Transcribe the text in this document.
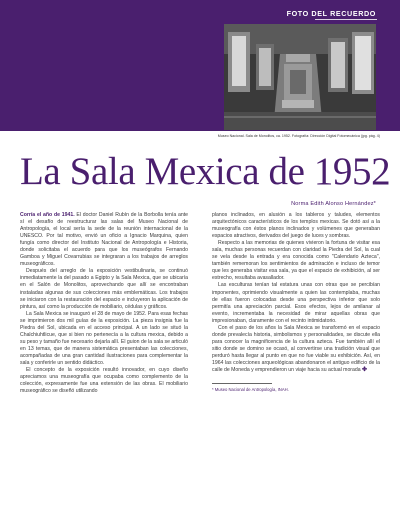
FOTO DEL RECUERDO
Museo Nacional. Sala de Monolitos, ca. 1952. Fotografía: Dirección Digital Fotomecánica (jpg. pág. 4)
La Sala Mexica de 1952
Norma Edith Alonso Hernández*

Corría el año de 1941. El doctor Daniel Rubín de la Borbolla tenía ante sí el desafío de reestructurar las salas del Museo Nacional de Antropología, el local sería la sede de la reunión internacional de la UNESCO. Por tal motivo, envió un oficio a Ignacio Marquina, quien fungía como director del Instituto Nacional de Antropología e Historia, donde solicitaba el acuerdo para que los museógrafos Fernando Gamboa y Miguel Covarrubias se integraran a los trabajos de arreglos museográficos.

Después del arreglo de la exposición vestibulinaria, se continuó inmediatamente la del pasado a Egipto y la Sala Mexica, que se ubicaría en el Salón de Monolitos, aprovechando que allí se encontraban instaladas algunas de sus colecciones más emblemáticas. Los trabajos se iniciaron con la restauración del espacio e incluyeron la aplicación de pintura, así como la producción de mobiliario, cédulas y gráficos.

La Sala Mexica se inauguró el 28 de mayo de 1952. Para esas fechas se imprimieron dos mil guías de la exposición. La pieza insignia fue la Piedra del Sol, ubicada en el acceso principal. A un lado se situó la Chalchiuhtlicue, que si bien no pertenecía a la cultura mexica, debido a su peso y tamaño fue necesario dejarla allí. El guion de la sala se articuló en 13 temas, que de manera sistemática presentaban las colecciones, acompañadas de una gran cantidad ilustraciones para complementar la sala y conferirle un sentido didáctico.

El concepto de la exposición resultó innovador, en cuyo diseño apreciamos una museografía que ocupaba como complemento de la colección, expresamente fue una extensión de las obras. El mobiliario museográfico se diseñó utilizando

planos inclinados, en alusión a los tableros y taludes, elementos arquitectónicos característicos de los templos mexicas. Se dotó así a la museografía con éstos planos inclinados y volúmenes que generaban espacios atractivos, derivados del juego de luces y sombras.

Respecto a las memorias de quienes vivieron la fortuna de visitar esa sala, muchas personas recuerdan con claridad la Piedra del Sol, la cual se veía desde la entrada y era conocida como "Calendario Azteca", también rememoran los sentimientos de admiración e incluso de temor que les generaba visitar esa sala, ya que el espacio de exhibición, al ser estrecho, resultaba avasallador.

Las esculturas tenían tal estatura unas con otras que se percibían imponentes, oprimiendo visualmente a quien las contemplaba, muchas de ellas fueron colocadas desde una perspectiva inferior que solo permitía una apreciación parcial. Esos efectos, lejos de amilanar al evento, incrementaba la necesidad de mirar aquellas obras que impresionaban, claramente con el recinto intimidatorio.

Con el paso de los años la Sala Mexica se transformó en el espacio donde prevalecía historia, simbolismos y personalidades, se discute ella para conocer la magnificencia de la cultura azteca. Fue también allí el sitio donde se domino se ocasó, al convertirse una tradición visual que perduró hasta llegar al punto en que no fue viable su exhibición. Así, en 1964 las colecciones arqueológicas abandonaron el antiguo edificio de la calle de Moneda y emprendieron un viaje hacia su actual morada ✤

* Museo Nacional de Antropología, INAH.
